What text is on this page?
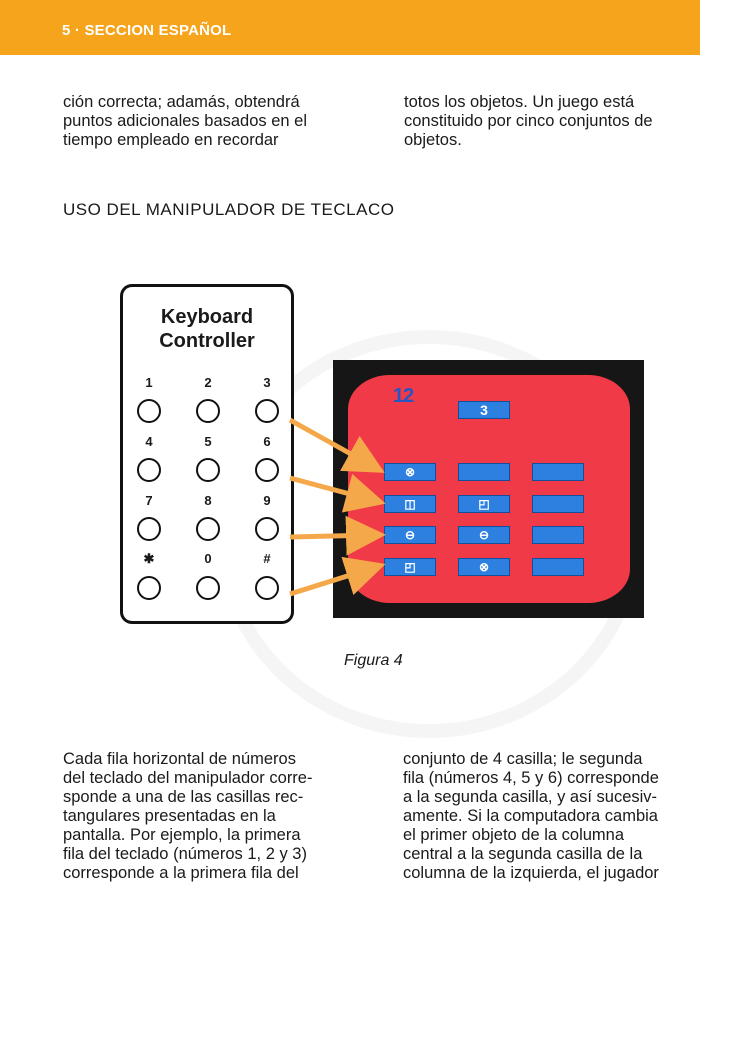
5 · SECCION ESPAÑOL

ción correcta; adamás, obtendrá

puntos adicionales basados en el

tiempo empleado en recordar

totos los objetos. Un juego está

constituido por cinco conjuntos de

objetos.

USO DEL MANIPULADOR DE TECLACO
Keyboard
Controller
1	2	3
4	5	6
7	8	9
✱	0	#
12
3
⊗
◫	◰
⊖	⊖
◰	⊗
Figura 4

Cada fila horizontal de números

del teclado del manipulador corre-

sponde a una de las casillas rec-

tangulares presentadas en la

pantalla. Por ejemplo, la primera

fila del teclado (números 1, 2 y 3)

corresponde a la primera fila del

conjunto de 4 casilla; le segunda

fila (números 4, 5 y 6) corresponde

a la segunda casilla, y así sucesiv-

amente. Si la computadora cambia

el primer objeto de la columna

central a la segunda casilla de la

columna de la izquierda, el jugador
